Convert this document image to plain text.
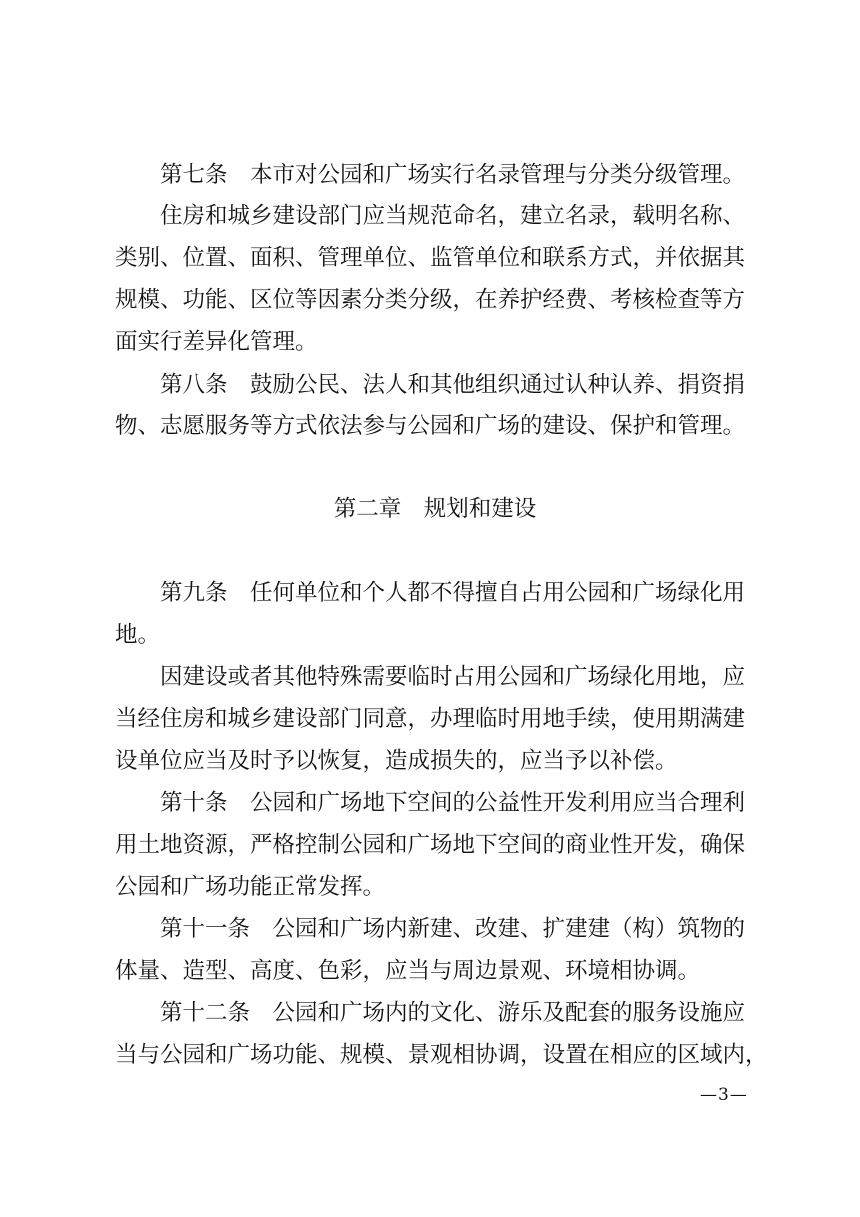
第七条　本市对公园和广场实行名录管理与分类分级管理。
住房和城乡建设部门应当规范命名，建立名录，载明名称、
类别、位置、面积、管理单位、监管单位和联系方式，并依据其
规模、功能、区位等因素分类分级，在养护经费、考核检查等方
面实行差异化管理。
第八条　鼓励公民、法人和其他组织通过认种认养、捐资捐
物、志愿服务等方式依法参与公园和广场的建设、保护和管理。
第二章　规划和建设
第九条　任何单位和个人都不得擅自占用公园和广场绿化用
地。
因建设或者其他特殊需要临时占用公园和广场绿化用地，应
当经住房和城乡建设部门同意，办理临时用地手续，使用期满建
设单位应当及时予以恢复，造成损失的，应当予以补偿。
第十条　公园和广场地下空间的公益性开发利用应当合理利
用土地资源，严格控制公园和广场地下空间的商业性开发，确保
公园和广场功能正常发挥。
第十一条　公园和广场内新建、改建、扩建建（构）筑物的
体量、造型、高度、色彩，应当与周边景观、环境相协调。
第十二条　公园和广场内的文化、游乐及配套的服务设施应
当与公园和广场功能、规模、景观相协调，设置在相应的区域内，
—3—
